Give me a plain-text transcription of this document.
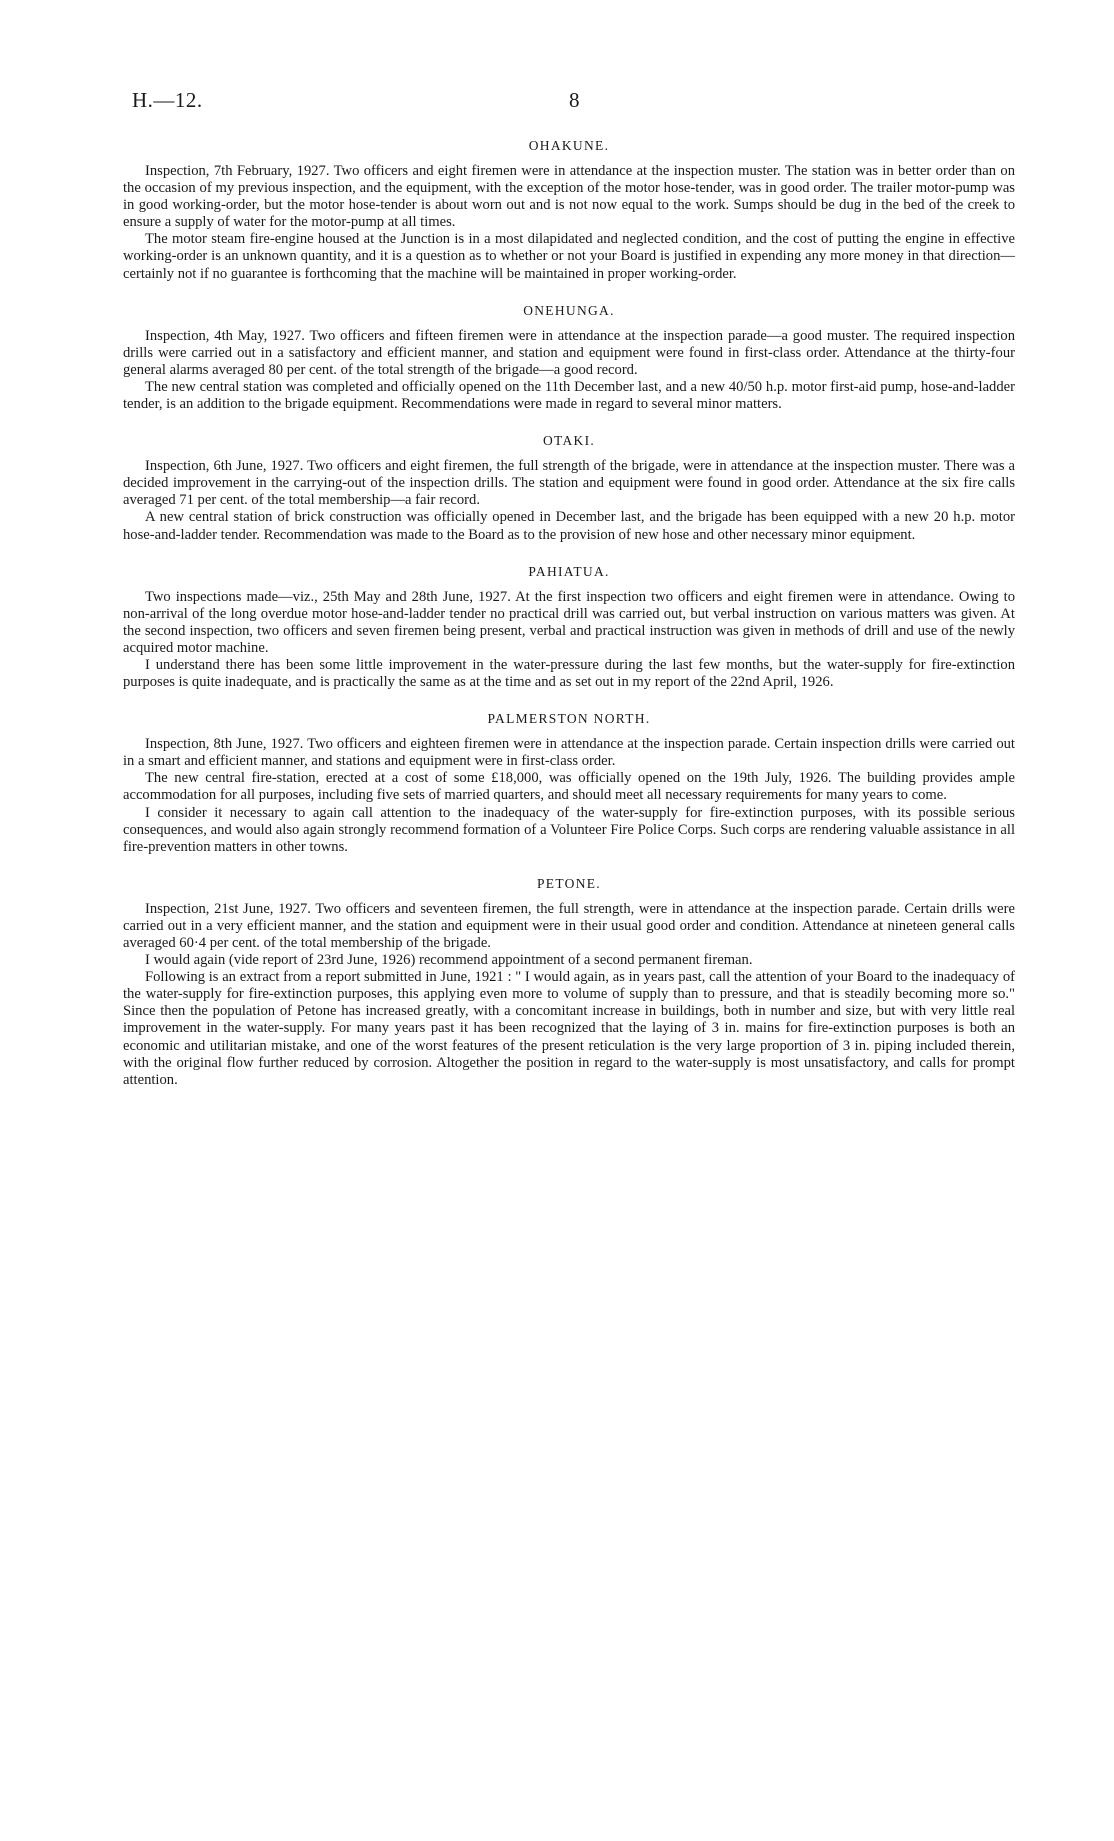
H.—12.	8
OHAKUNE.

Inspection, 7th February, 1927. Two officers and eight firemen were in attendance at the inspection muster. The station was in better order than on the occasion of my previous inspection, and the equipment, with the exception of the motor hose-tender, was in good order. The trailer motor-pump was in good working-order, but the motor hose-tender is about worn out and is not now equal to the work. Sumps should be dug in the bed of the creek to ensure a supply of water for the motor-pump at all times.

The motor steam fire-engine housed at the Junction is in a most dilapidated and neglected condition, and the cost of putting the engine in effective working-order is an unknown quantity, and it is a question as to whether or not your Board is justified in expending any more money in that direction—certainly not if no guarantee is forthcoming that the machine will be maintained in proper working-order.

ONEHUNGA.

Inspection, 4th May, 1927. Two officers and fifteen firemen were in attendance at the inspection parade—a good muster. The required inspection drills were carried out in a satisfactory and efficient manner, and station and equipment were found in first-class order. Attendance at the thirty-four general alarms averaged 80 per cent. of the total strength of the brigade—a good record.

The new central station was completed and officially opened on the 11th December last, and a new 40/50 h.p. motor first-aid pump, hose-and-ladder tender, is an addition to the brigade equipment. Recommendations were made in regard to several minor matters.

OTAKI.

Inspection, 6th June, 1927. Two officers and eight firemen, the full strength of the brigade, were in attendance at the inspection muster. There was a decided improvement in the carrying-out of the inspection drills. The station and equipment were found in good order. Attendance at the six fire calls averaged 71 per cent. of the total membership—a fair record.

A new central station of brick construction was officially opened in December last, and the brigade has been equipped with a new 20 h.p. motor hose-and-ladder tender. Recommendation was made to the Board as to the provision of new hose and other necessary minor equipment.

PAHIATUA.

Two inspections made—viz., 25th May and 28th June, 1927. At the first inspection two officers and eight firemen were in attendance. Owing to non-arrival of the long overdue motor hose-and-ladder tender no practical drill was carried out, but verbal instruction on various matters was given. At the second inspection, two officers and seven firemen being present, verbal and practical instruction was given in methods of drill and use of the newly acquired motor machine.

I understand there has been some little improvement in the water-pressure during the last few months, but the water-supply for fire-extinction purposes is quite inadequate, and is practically the same as at the time and as set out in my report of the 22nd April, 1926.

PALMERSTON NORTH.

Inspection, 8th June, 1927. Two officers and eighteen firemen were in attendance at the inspection parade. Certain inspection drills were carried out in a smart and efficient manner, and stations and equipment were in first-class order.

The new central fire-station, erected at a cost of some £18,000, was officially opened on the 19th July, 1926. The building provides ample accommodation for all purposes, including five sets of married quarters, and should meet all necessary requirements for many years to come.

I consider it necessary to again call attention to the inadequacy of the water-supply for fire-extinction purposes, with its possible serious consequences, and would also again strongly recommend formation of a Volunteer Fire Police Corps. Such corps are rendering valuable assistance in all fire-prevention matters in other towns.

PETONE.

Inspection, 21st June, 1927. Two officers and seventeen firemen, the full strength, were in attendance at the inspection parade. Certain drills were carried out in a very efficient manner, and the station and equipment were in their usual good order and condition. Attendance at nineteen general calls averaged 60·4 per cent. of the total membership of the brigade.

I would again (vide report of 23rd June, 1926) recommend appointment of a second permanent fireman.

Following is an extract from a report submitted in June, 1921 : " I would again, as in years past, call the attention of your Board to the inadequacy of the water-supply for fire-extinction purposes, this applying even more to volume of supply than to pressure, and that is steadily becoming more so." Since then the population of Petone has increased greatly, with a concomitant increase in buildings, both in number and size, but with very little real improvement in the water-supply. For many years past it has been recognized that the laying of 3 in. mains for fire-extinction purposes is both an economic and utilitarian mistake, and one of the worst features of the present reticulation is the very large proportion of 3 in. piping included therein, with the original flow further reduced by corrosion. Altogether the position in regard to the water-supply is most unsatisfactory, and calls for prompt attention.
